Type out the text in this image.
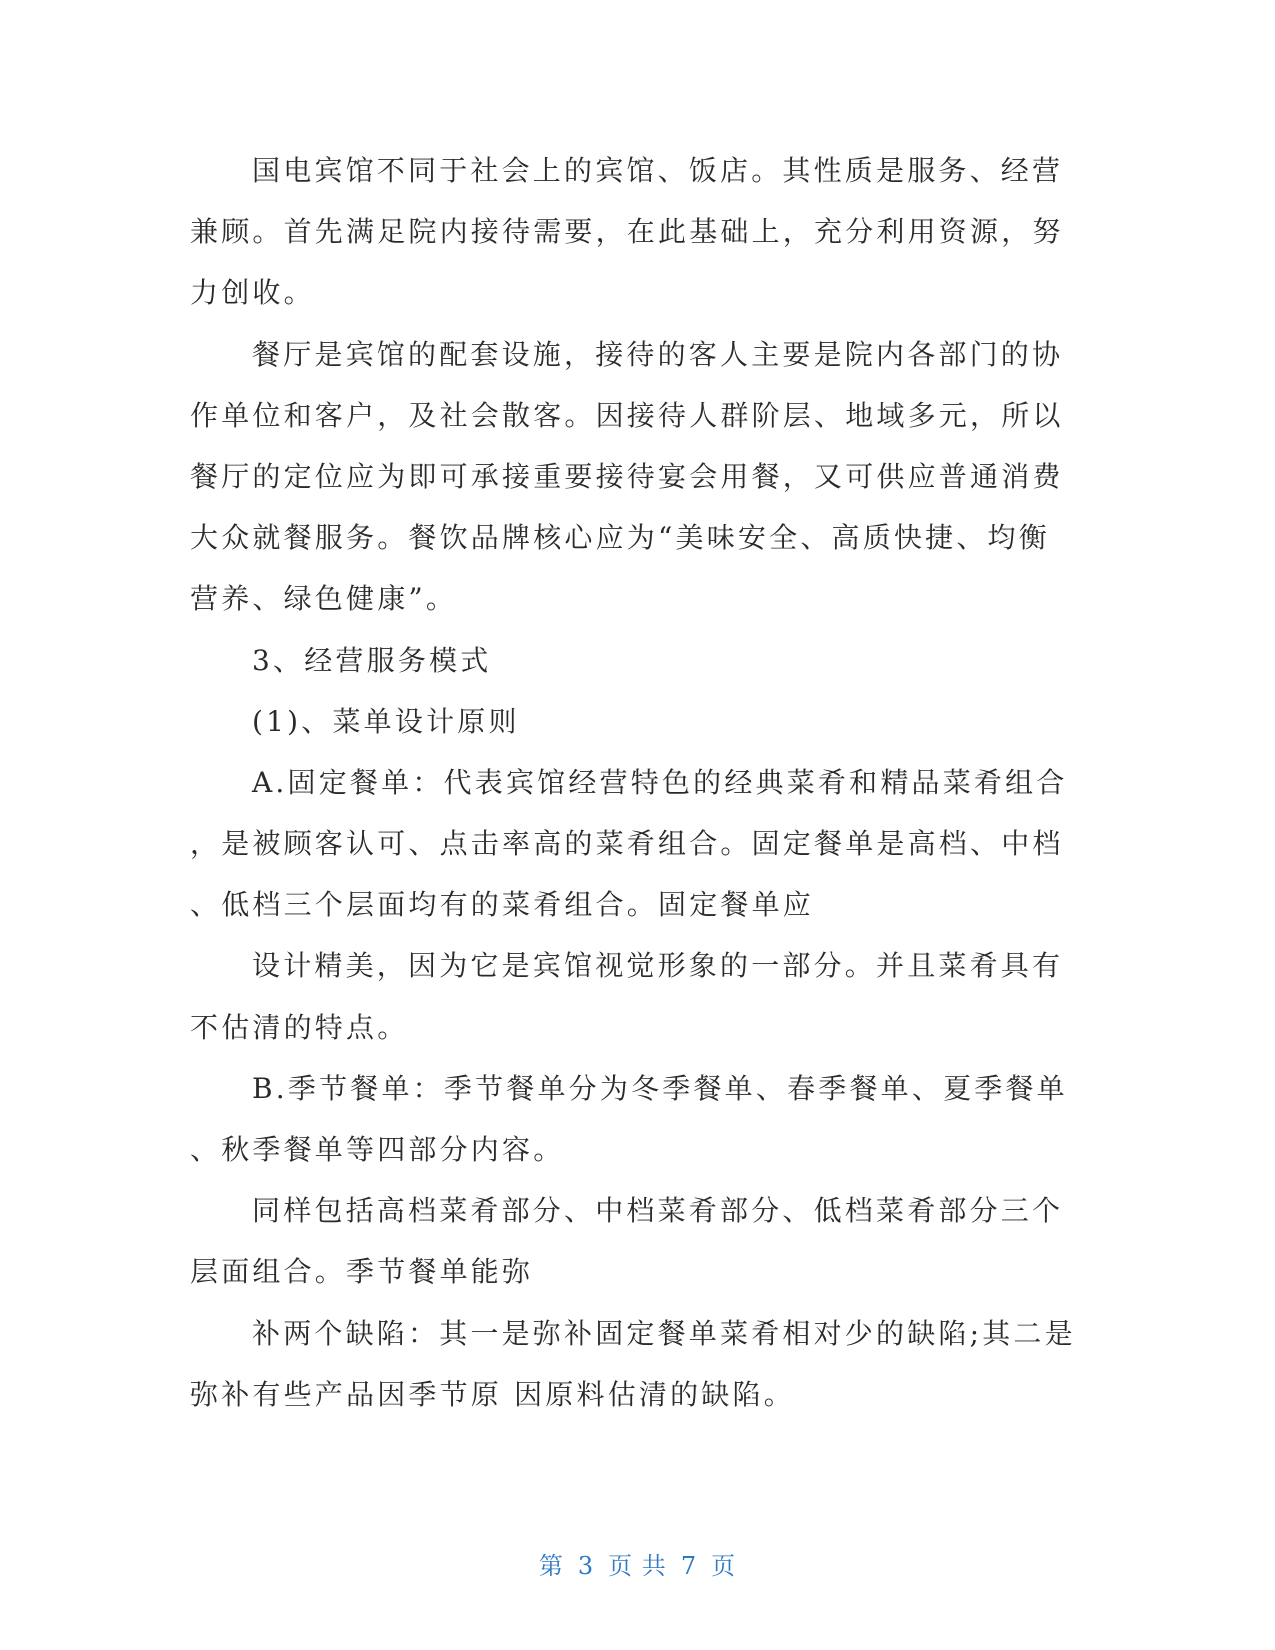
国电宾馆不同于社会上的宾馆、饭店。其性质是服务、经营
兼顾。首先满足院内接待需要，在此基础上，充分利用资源，努
力创收。
餐厅是宾馆的配套设施，接待的客人主要是院内各部门的协
作单位和客户，及社会散客。因接待人群阶层、地域多元，所以
餐厅的定位应为即可承接重要接待宴会用餐，又可供应普通消费
大众就餐服务。餐饮品牌核心应为“美味安全、高质快捷、均衡
营养、绿色健康”。
3、经营服务模式
(1)、菜单设计原则
A.固定餐单：代表宾馆经营特色的经典菜肴和精品菜肴组合
，是被顾客认可、点击率高的菜肴组合。固定餐单是高档、中档
、低档三个层面均有的菜肴组合。固定餐单应
设计精美，因为它是宾馆视觉形象的一部分。并且菜肴具有
不估清的特点。
B.季节餐单：季节餐单分为冬季餐单、春季餐单、夏季餐单
、秋季餐单等四部分内容。
同样包括高档菜肴部分、中档菜肴部分、低档菜肴部分三个
层面组合。季节餐单能弥
补两个缺陷：其一是弥补固定餐单菜肴相对少的缺陷;其二是
弥补有些产品因季节原 因原料估清的缺陷。
第 3 页 共 7 页
